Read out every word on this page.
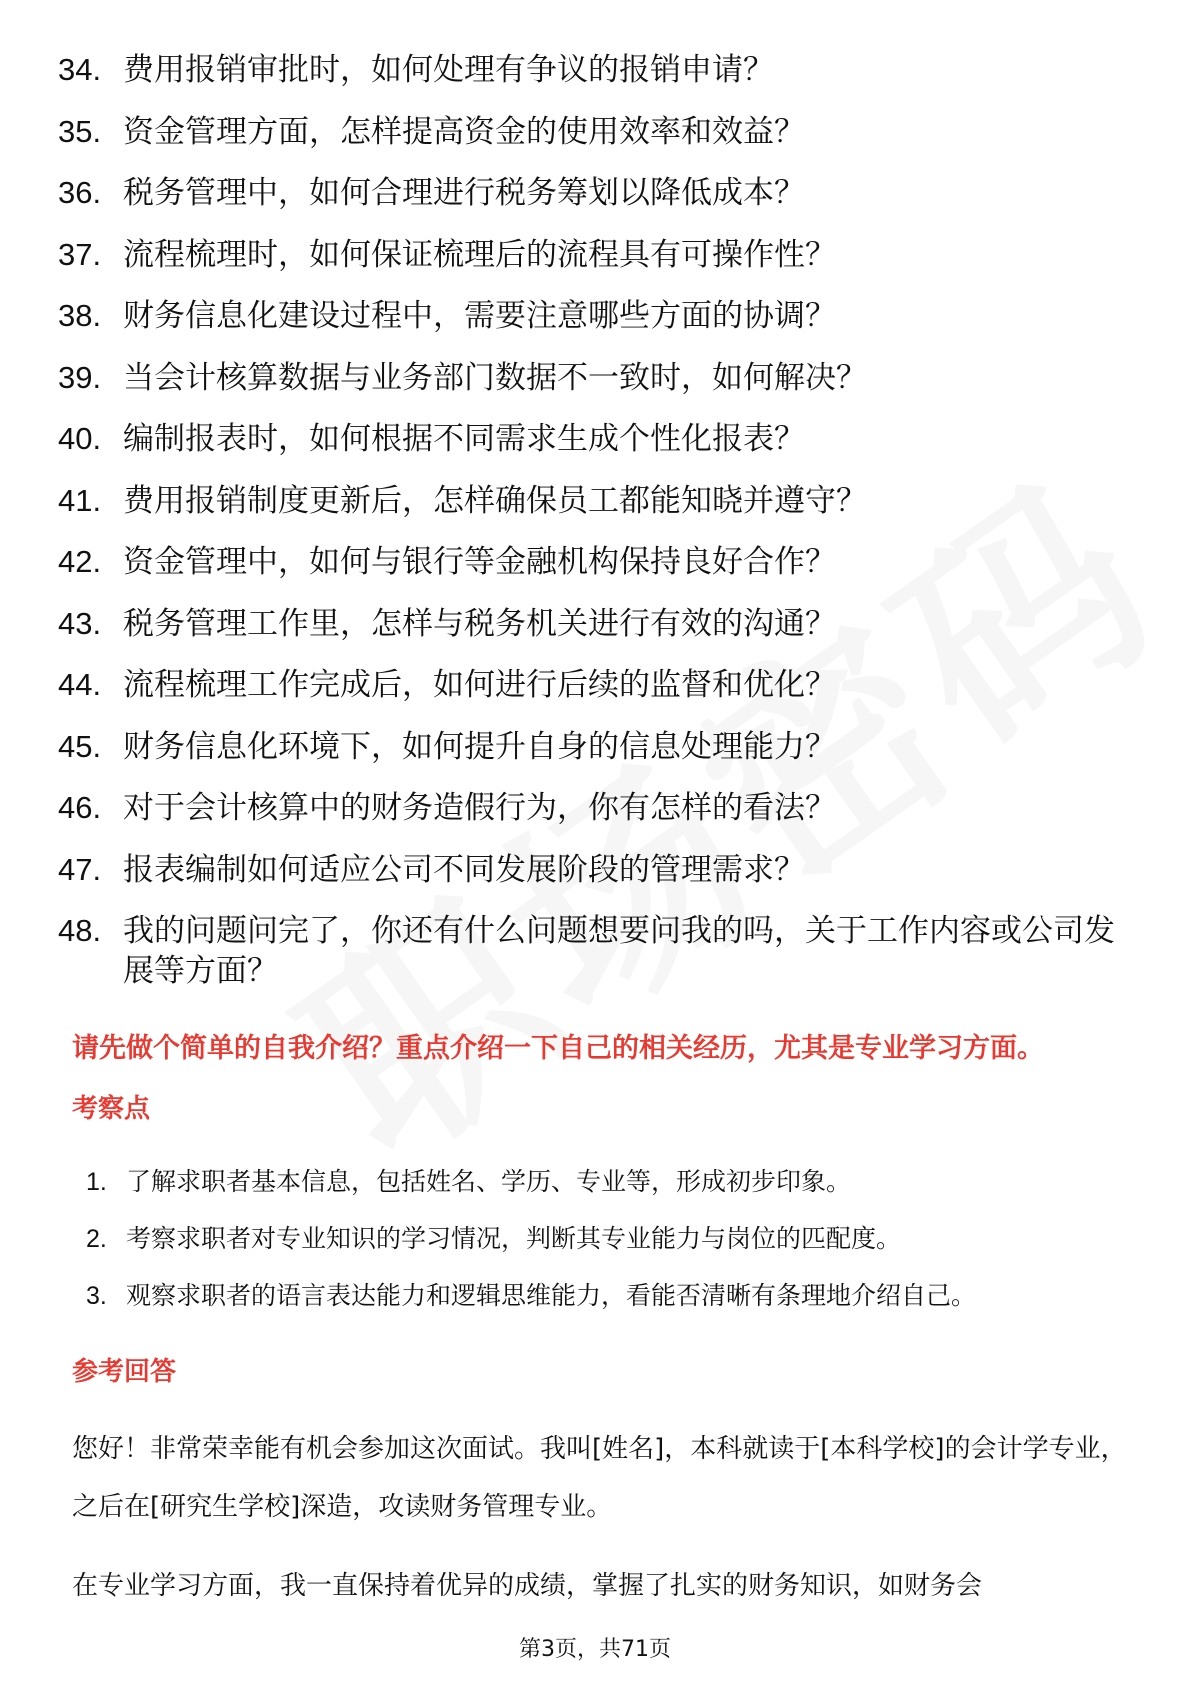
34. 费用报销审批时，如何处理有争议的报销申请？
35. 资金管理方面，怎样提高资金的使用效率和效益？
36. 税务管理中，如何合理进行税务筹划以降低成本？
37. 流程梳理时，如何保证梳理后的流程具有可操作性？
38. 财务信息化建设过程中，需要注意哪些方面的协调？
39. 当会计核算数据与业务部门数据不一致时，如何解决？
40. 编制报表时，如何根据不同需求生成个性化报表？
41. 费用报销制度更新后，怎样确保员工都能知晓并遵守？
42. 资金管理中，如何与银行等金融机构保持良好合作？
43. 税务管理工作里，怎样与税务机关进行有效的沟通？
44. 流程梳理工作完成后，如何进行后续的监督和优化？
45. 财务信息化环境下，如何提升自身的信息处理能力？
46. 对于会计核算中的财务造假行为，你有怎样的看法？
47. 报表编制如何适应公司不同发展阶段的管理需求？
48. 我的问题问完了，你还有什么问题想要问我的吗，关于工作内容或公司发展等方面？
请先做个简单的自我介绍？重点介绍一下自己的相关经历，尤其是专业学习方面。
考察点
1. 了解求职者基本信息，包括姓名、学历、专业等，形成初步印象。
2. 考察求职者对专业知识的学习情况，判断其专业能力与岗位的匹配度。
3. 观察求职者的语言表达能力和逻辑思维能力，看能否清晰有条理地介绍自己。
参考回答
您好！非常荣幸能有机会参加这次面试。我叫[姓名]，本科就读于[本科学校]的会计学专业，之后在[研究生学校]深造，攻读财务管理专业。
在专业学习方面，我一直保持着优异的成绩，掌握了扎实的财务知识，如财务会
第3页，共71页
